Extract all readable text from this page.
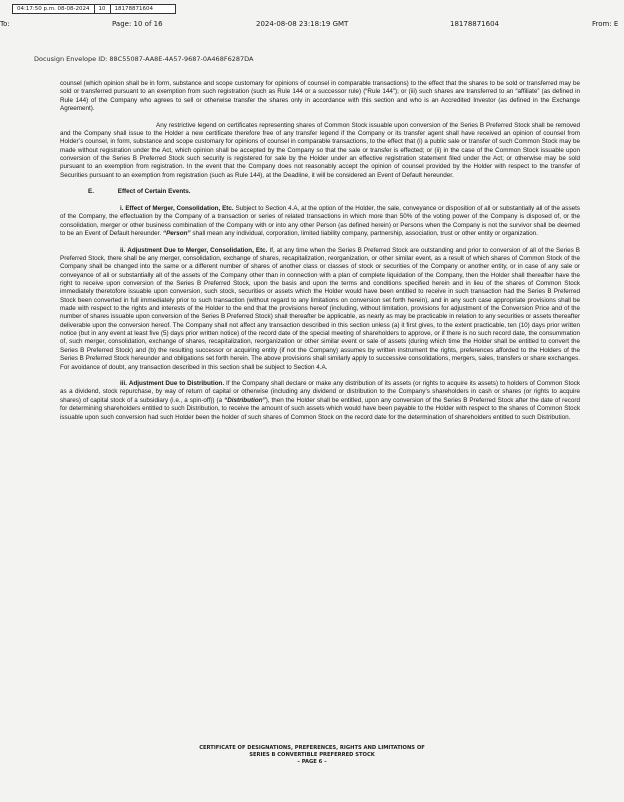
04:17:50 p.m. 08-08-2024	10	18178871604
To:	Page: 10 of 16	2024-08-08 23:18:19 GMT	18178871604	From: E
Docusign Envelope ID: 88C55087-AA8E-4A57-9687-0A468F6287DA

counsel (which opinion shall be in form, substance and scope customary for opinions of counsel in comparable transactions) to the effect that the shares to be sold or transferred may be sold or transferred pursuant to an exemption from such registration (such as Rule 144 or a successor rule) (“Rule 144”); or (iii) such shares are transferred to an “affiliate” (as defined in Rule 144) of the Company who agrees to sell or otherwise transfer the shares only in accordance with this section and who is an Accredited Investor (as defined in the Exchange Agreement).

Any restrictive legend on certificates representing shares of Common Stock issuable upon conversion of the Series B Preferred Stock shall be removed and the Company shall issue to the Holder a new certificate therefore free of any transfer legend if the Company or its transfer agent shall have received an opinion of counsel from Holder’s counsel, in form, substance and scope customary for opinions of counsel in comparable transactions, to the effect that (i) a public sale or transfer of such Common Stock may be made without registration under the Act, which opinion shall be accepted by the Company so that the sale or transfer is effected; or (ii) in the case of the Common Stock issuable upon conversion of the Series B Preferred Stock such security is registered for sale by the Holder under an effective registration statement filed under the Act; or otherwise may be sold pursuant to an exemption from registration. In the event that the Company does not reasonably accept the opinion of counsel provided by the Holder with respect to the transfer of Securities pursuant to an exemption from registration (such as Rule 144), at the Deadline, it will be considered an Event of Default hereunder.

E.	Effect of Certain Events.

i. Effect of Merger, Consolidation, Etc. Subject to Section 4.A, at the option of the Holder, the sale, conveyance or disposition of all or substantially all of the assets of the Company, the effectuation by the Company of a transaction or series of related transactions in which more than 50% of the voting power of the Company is disposed of, or the consolidation, merger or other business combination of the Company with or into any other Person (as defined herein) or Persons when the Company is not the survivor shall be deemed to be an Event of Default hereunder. “Person” shall mean any individual, corporation, limited liability company, partnership, association, trust or other entity or organization.

ii. Adjustment Due to Merger, Consolidation, Etc. If, at any time when the Series B Preferred Stock are outstanding and prior to conversion of all of the Series B Preferred Stock, there shall be any merger, consolidation, exchange of shares, recapitalization, reorganization, or other similar event, as a result of which shares of Common Stock of the Company shall be changed into the same or a different number of shares of another class or classes of stock or securities of the Company or another entity, or in case of any sale or conveyance of all or substantially all of the assets of the Company other than in connection with a plan of complete liquidation of the Company, then the Holder shall thereafter have the right to receive upon conversion of the Series B Preferred Stock, upon the basis and upon the terms and conditions specified herein and in lieu of the shares of Common Stock immediately theretofore issuable upon conversion, such stock, securities or assets which the Holder would have been entitled to receive in such transaction had the Series B Preferred Stock been converted in full immediately prior to such transaction (without regard to any limitations on conversion set forth herein), and in any such case appropriate provisions shall be made with respect to the rights and interests of the Holder to the end that the provisions hereof (including, without limitation, provisions for adjustment of the Conversion Price and of the number of shares issuable upon conversion of the Series B Preferred Stock) shall thereafter be applicable, as nearly as may be practicable in relation to any securities or assets thereafter deliverable upon the conversion hereof. The Company shall not affect any transaction described in this section unless (a) it first gives, to the extent practicable, ten (10) days prior written notice (but in any event at least five (5) days prior written notice) of the record date of the special meeting of shareholders to approve, or if there is no such record date, the consummation of, such merger, consolidation, exchange of shares, recapitalization, reorganization or other similar event or sale of assets (during which time the Holder shall be entitled to convert the Series B Preferred Stock) and (b) the resulting successor or acquiring entity (if not the Company) assumes by written instrument the rights, preferences afforded to the Holders of the Series B Preferred Stock hereunder and obligations set forth herein. The above provisions shall similarly apply to successive consolidations, mergers, sales, transfers or share exchanges. For avoidance of doubt, any transaction described in this section shall be subject to Section 4.A.

iii. Adjustment Due to Distribution. If the Company shall declare or make any distribution of its assets (or rights to acquire its assets) to holders of Common Stock as a dividend, stock repurchase, by way of return of capital or otherwise (including any dividend or distribution to the Company’s shareholders in cash or shares (or rights to acquire shares) of capital stock of a subsidiary (i.e., a spin-off)) (a “Distribution”), then the Holder shall be entitled, upon any conversion of the Series B Preferred Stock after the date of record for determining shareholders entitled to such Distribution, to receive the amount of such assets which would have been payable to the Holder with respect to the shares of Common Stock issuable upon such conversion had such Holder been the holder of such shares of Common Stock on the record date for the determination of shareholders entitled to such Distribution.

CERTIFICATE OF DESIGNATIONS, PREFERENCES, RIGHTS AND LIMITATIONS OF
SERIES B CONVERTIBLE PREFERRED STOCK
– PAGE 6 –
